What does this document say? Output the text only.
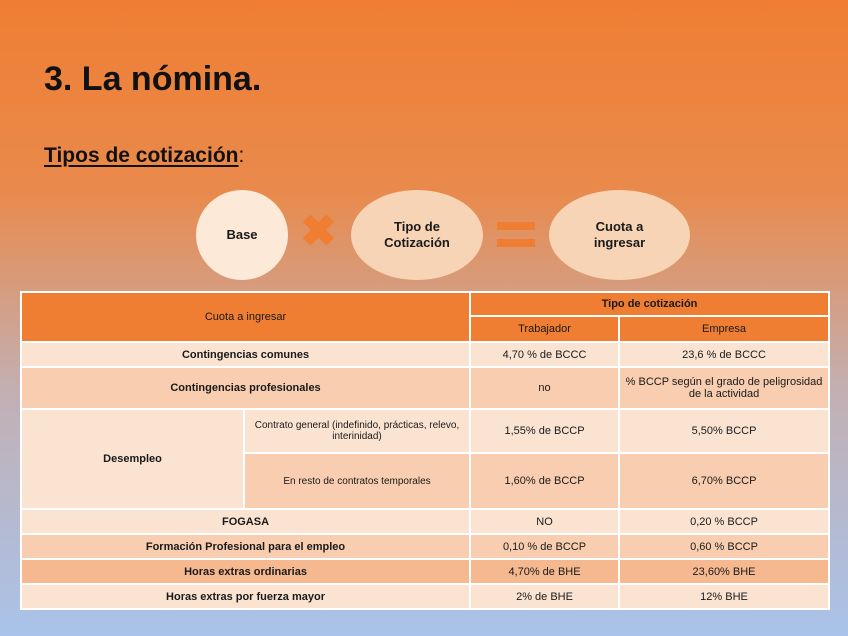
3. La nómina.
Tipos de cotización:
Base ✖	Tipo de
Cotización
Cuota a
ingresar
Cuota a ingresar		Tipo de cotización	
		Trabajador	Empresa
Contingencias comunes		4,70 % de BCCC	23,6 % de BCCC
Contingencias profesionales		no	% BCCP según el grado de peligrosidad de la actividad
Desempleo	Contrato general (indefinido, prácticas, relevo, interinidad)	1,55% de BCCP	5,50% BCCP
	En resto de contratos temporales	1,60% de BCCP	6,70% BCCP
FOGASA		NO	0,20 % BCCP
Formación Profesional para el empleo		0,10 % de BCCP	0,60 % BCCP
Horas extras ordinarias		4,70% de BHE	23,60% BHE
Horas extras por fuerza mayor		2% de BHE	12% BHE
